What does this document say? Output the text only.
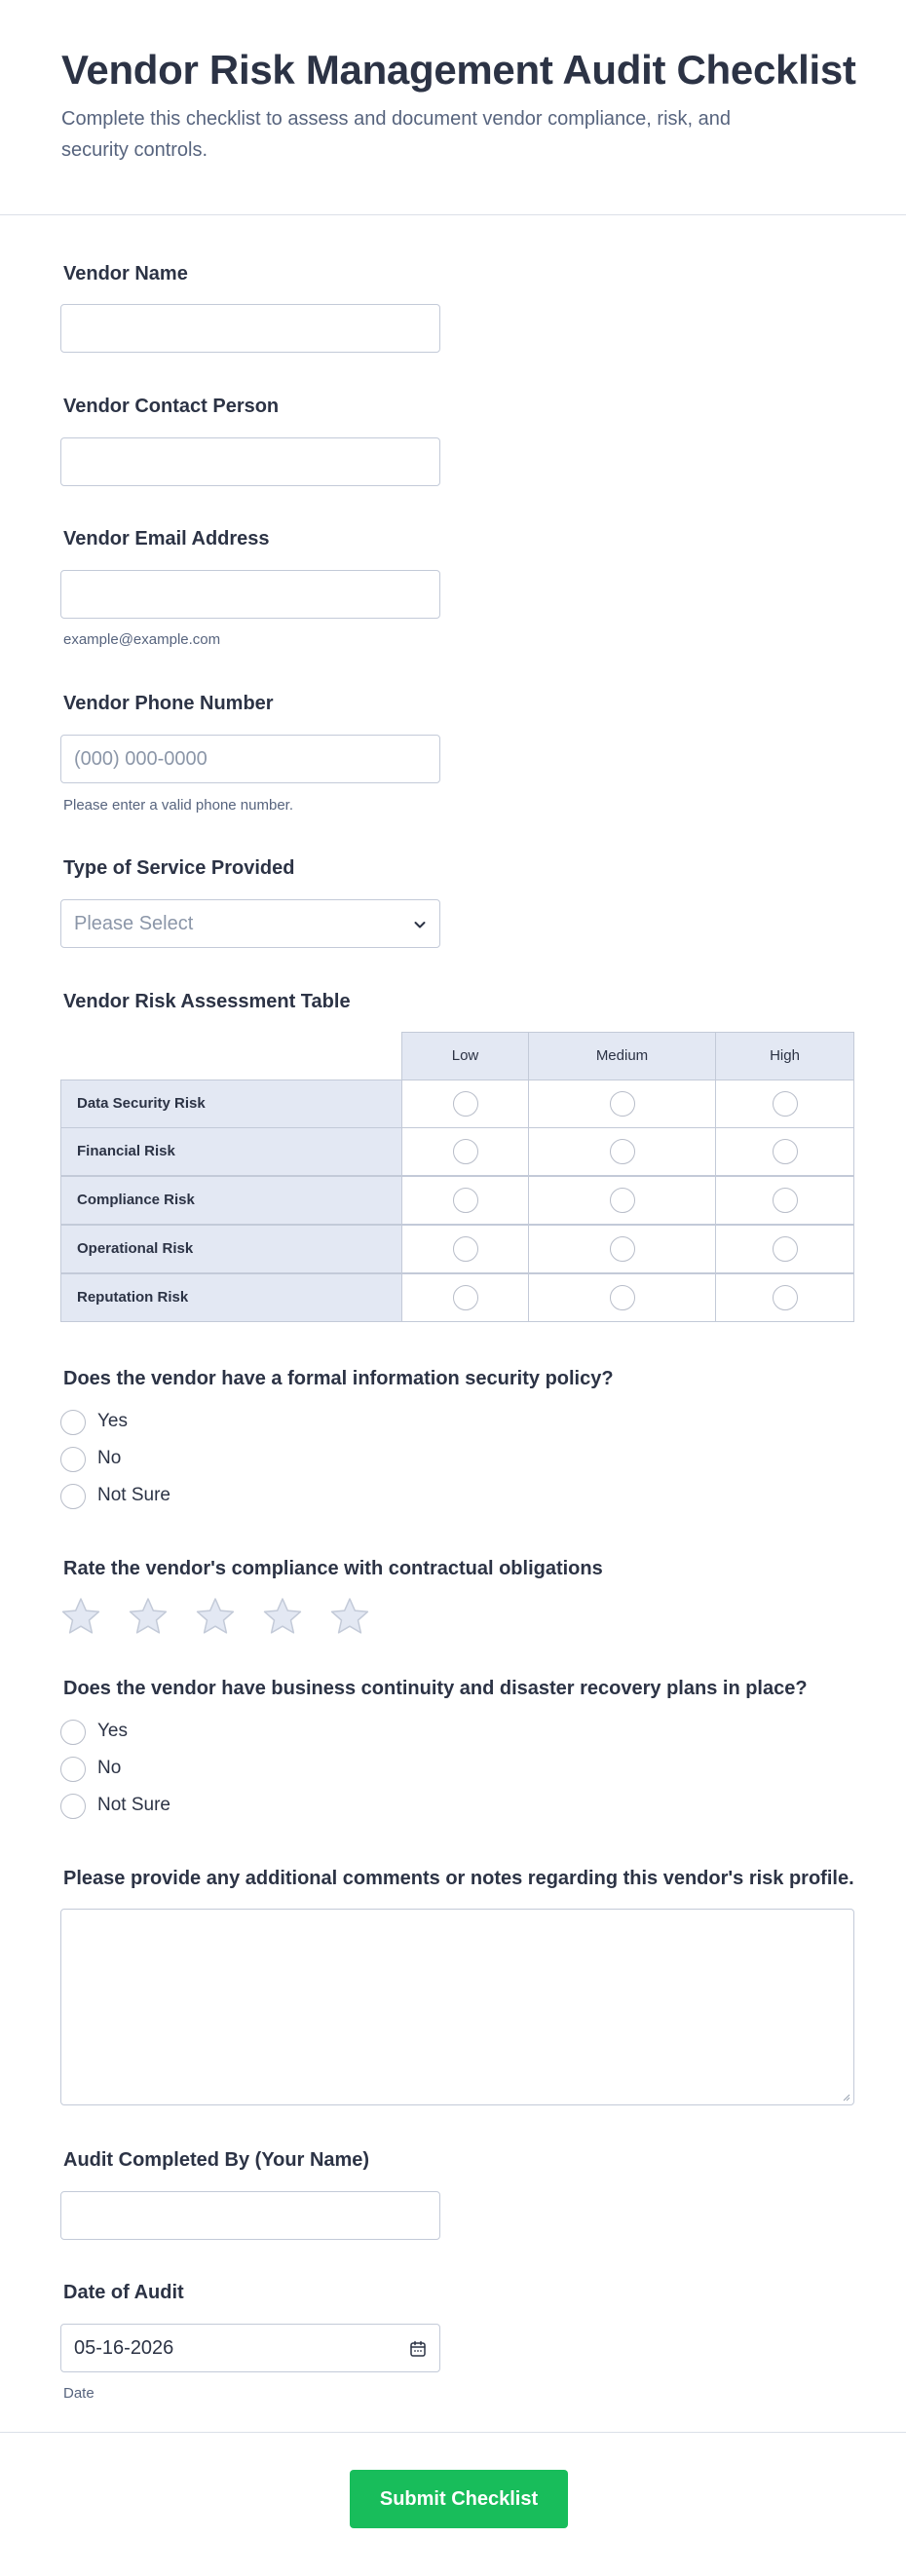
Vendor Risk Management Audit Checklist

Complete this checklist to assess and document vendor compliance, risk, and security controls.

Vendor Name
Vendor Contact Person
Vendor Email Address
example@example.com
Vendor Phone Number
(000) 000-0000
Please enter a valid phone number.
Type of Service Provided
Please Select
Vendor Risk Assessment Table
Low	Medium	High
Data Security Risk
Financial Risk
Compliance Risk
Operational Risk
Reputation Risk
Does the vendor have a formal information security policy?
Yes
No
Not Sure
Rate the vendor's compliance with contractual obligations
Does the vendor have business continuity and disaster recovery plans in place?
Yes
No
Not Sure
Please provide any additional comments or notes regarding this vendor's risk profile.
Audit Completed By (Your Name)
Date of Audit
05-16-2026
Date
Submit Checklist
